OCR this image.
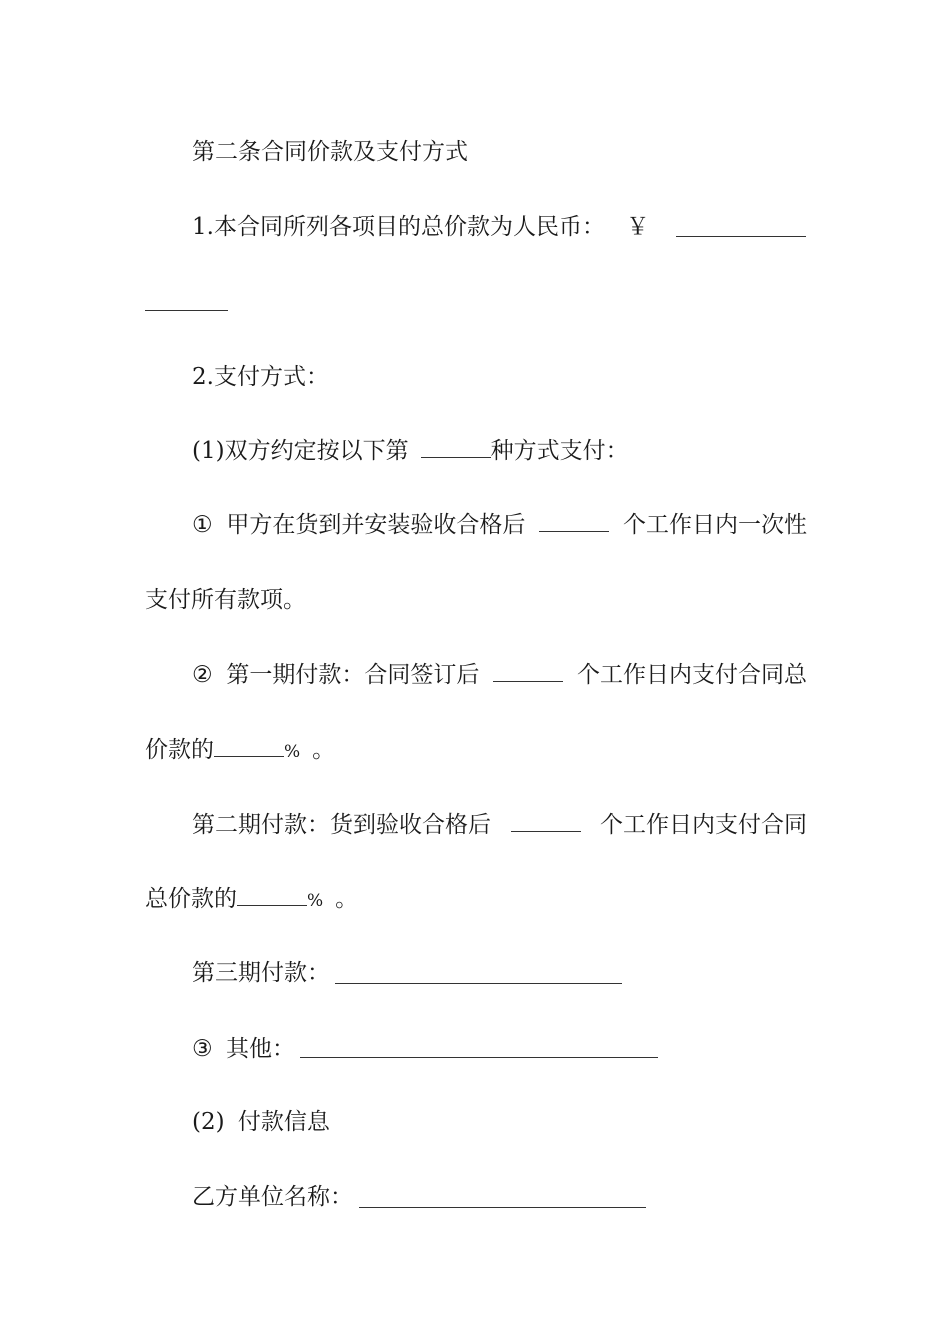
第二条合同价款及支付方式
1.本合同所列各项目的总价款为人民币： ￥
2.支付方式：
(1)双方约定按以下第	种方式支付：
① 甲方在货到并安装验收合格后	个工作日内一次性
支付所有款项。
② 第一期付款：合同签订后	个工作日内支付合同总
价款的	% 。
第二期付款：货到验收合格后	个工作日内支付合同
总价款的	% 。
第三期付款：
③ 其他：
(2) 付款信息
乙方单位名称：
